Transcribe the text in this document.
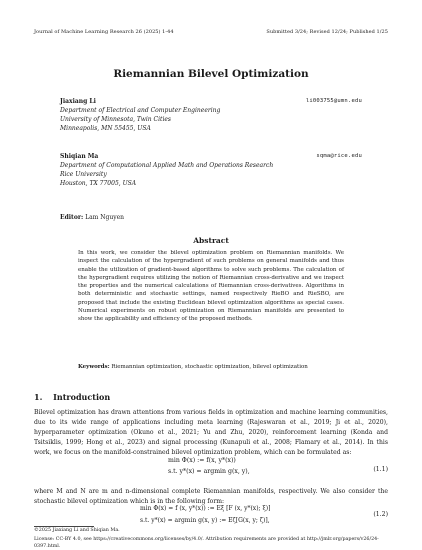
Journal of Machine Learning Research 26 (2025) 1-44	Submitted 3/24; Revised 12/24; Published 1/25
Riemannian Bilevel Optimization
Jiaxiang Li	li003755@umn.edu
Department of Electrical and Computer Engineering
University of Minnesota, Twin Cities
Minneapolis, MN 55455, USA
Shiqian Ma	sqma@rice.edu
Department of Computational Applied Math and Operations Research
Rice University
Houston, TX 77005, USA
Editor: Lam Nguyen
Abstract
In this work, we consider the bilevel optimization problem on Riemannian manifolds. We inspect the calculation of the hypergradient of such problems on general manifolds and thus enable the utilization of gradient-based algorithms to solve such problems. The calculation of the hypergradient requires utilizing the notion of Riemannian cross-derivative and we inspect the properties and the numerical calculations of Riemannian cross-derivatives. Algorithms in both deterministic and stochastic settings, named respectively RieBO and RieSBO, are proposed that include the existing Euclidean bilevel optimization algorithms as special cases. Numerical experiments on robust optimization on Riemannian manifolds are presented to show the applicability and efficiency of the proposed methods.
Keywords: Riemannian optimization, stochastic optimization, bilevel optimization
1. Introduction
Bilevel optimization has drawn attentions from various fields in optimization and machine learning communities, due to its wide range of applications including meta learning (Rajeswaran et al., 2019; Ji et al., 2020), hyperparameter optimization (Okuno et al., 2021; Yu and Zhu, 2020), reinforcement learning (Konda and Tsitsiklis, 1999; Hong et al., 2023) and signal processing (Kunapuli et al., 2008; Flamary et al., 2014). In this work, we focus on the manifold-constrained bilevel optimization problem, which can be formulated as:
min Φ(x) := f(x, y*(x))
s.t. y*(x) = argmin g(x, y),	(1.1)
where M and N are m and n-dimensional complete Riemannian manifolds, respectively. We also consider the stochastic bilevel optimization which is in the following form:
min Φ(x) = f (x, y*(x)) := Eξ [F (x, y*(x); ξ)]
s.t. y*(x) = argmin g(x, y) := Eζ[G(x, y; ζ)],
(1.2)
©2025 Jiaxiang Li and Shiqian Ma.
License: CC-BY 4.0, see https://creativecommons.org/licenses/by/4.0/. Attribution requirements are provided at http://jmlr.org/papers/v26/24-0397.html.
